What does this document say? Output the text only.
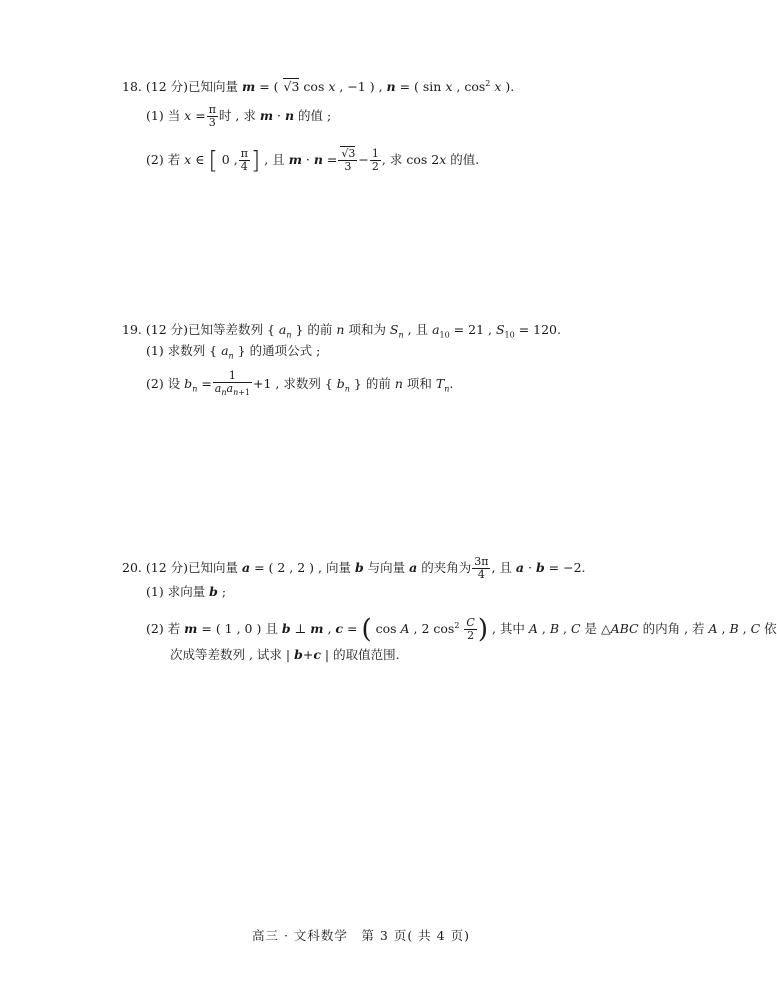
18. (12 分)已知向量 m = ( √3 cos x , −1 ) , n = ( sin x , $\cos^2 x$ ).
(1) 当 $x = \frac{\pi}{3}$ 时 , 求 m · n 的值 ;
(2) 若 x ∈ [ 0 , $\frac{\pi}{4}$ ] , 且 $m \cdot n = \frac{√3}{3} - \frac{1}{2}$ , 求 cos 2x 的值.
19. (12 分)已知等差数列 { $a_n$ } 的前 n 项和为 $S_n$ , 且 $a_{10} = 21$ , $S_{10} = 120$.
(1) 求数列 { $a_n$ } 的通项公式 ;
(2) 设 $b_n = \frac{1}{a_na_{n+1}} +1$ , 求数列 { $b_n$ } 的前 n 项和 $T_n$.
20. (12 分)已知向量 a = ( 2 , 2 ) , 向量 b 与向量 a 的夹角为 $\frac{3\pi}{4}$ , 且 a · b = −2.
(1) 求向量 b ;
(2) 若 m = ( 1 , 0 ) 且 b ⊥ m , c = ( cos A , 2 $\cos^2 \frac{C}{2}$ ) , 其中 A , B , C 是 △ABC 的内角 , 若 A , B , C 依
次成等差数列 , 试求 | b+c | 的取值范围.
高三 · 文科数学　第 3 页( 共 4 页)
